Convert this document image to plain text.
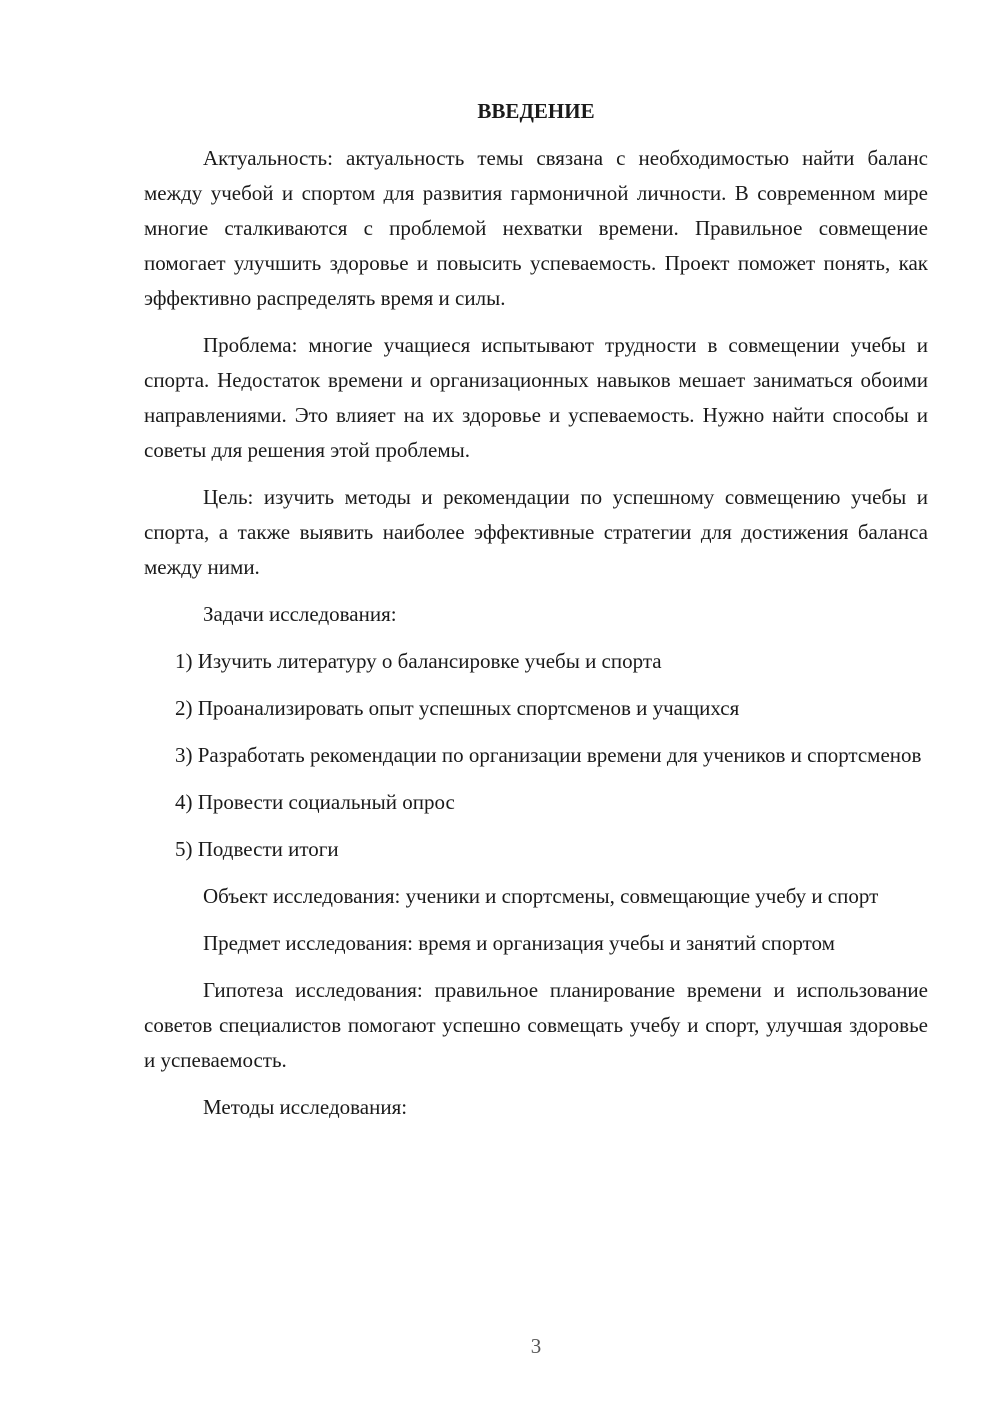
ВВЕДЕНИЕ

Актуальность: актуальность темы связана с необходимостью найти баланс между учебой и спортом для развития гармоничной личности. В современном мире многие сталкиваются с проблемой нехватки времени. Правильное совмещение помогает улучшить здоровье и повысить успеваемость. Проект поможет понять, как эффективно распределять время и силы.

Проблема: многие учащиеся испытывают трудности в совмещении учебы и спорта. Недостаток времени и организационных навыков мешает заниматься обоими направлениями. Это влияет на их здоровье и успеваемость. Нужно найти способы и советы для решения этой проблемы.

Цель: изучить методы и рекомендации по успешному совмещению учебы и спорта, а также выявить наиболее эффективные стратегии для достижения баланса между ними.

Задачи исследования:

1) Изучить литературу о балансировке учебы и спорта

2) Проанализировать опыт успешных спортсменов и учащихся

3) Разработать рекомендации по организации времени для учеников и спортсменов

4) Провести социальный опрос

5) Подвести итоги

Объект исследования: ученики и спортсмены, совмещающие учебу и спорт

Предмет исследования: время и организация учебы и занятий спортом

Гипотеза исследования: правильное планирование времени и использование советов специалистов помогают успешно совмещать учебу и спорт, улучшая здоровье и успеваемость.

Методы исследования:

3
